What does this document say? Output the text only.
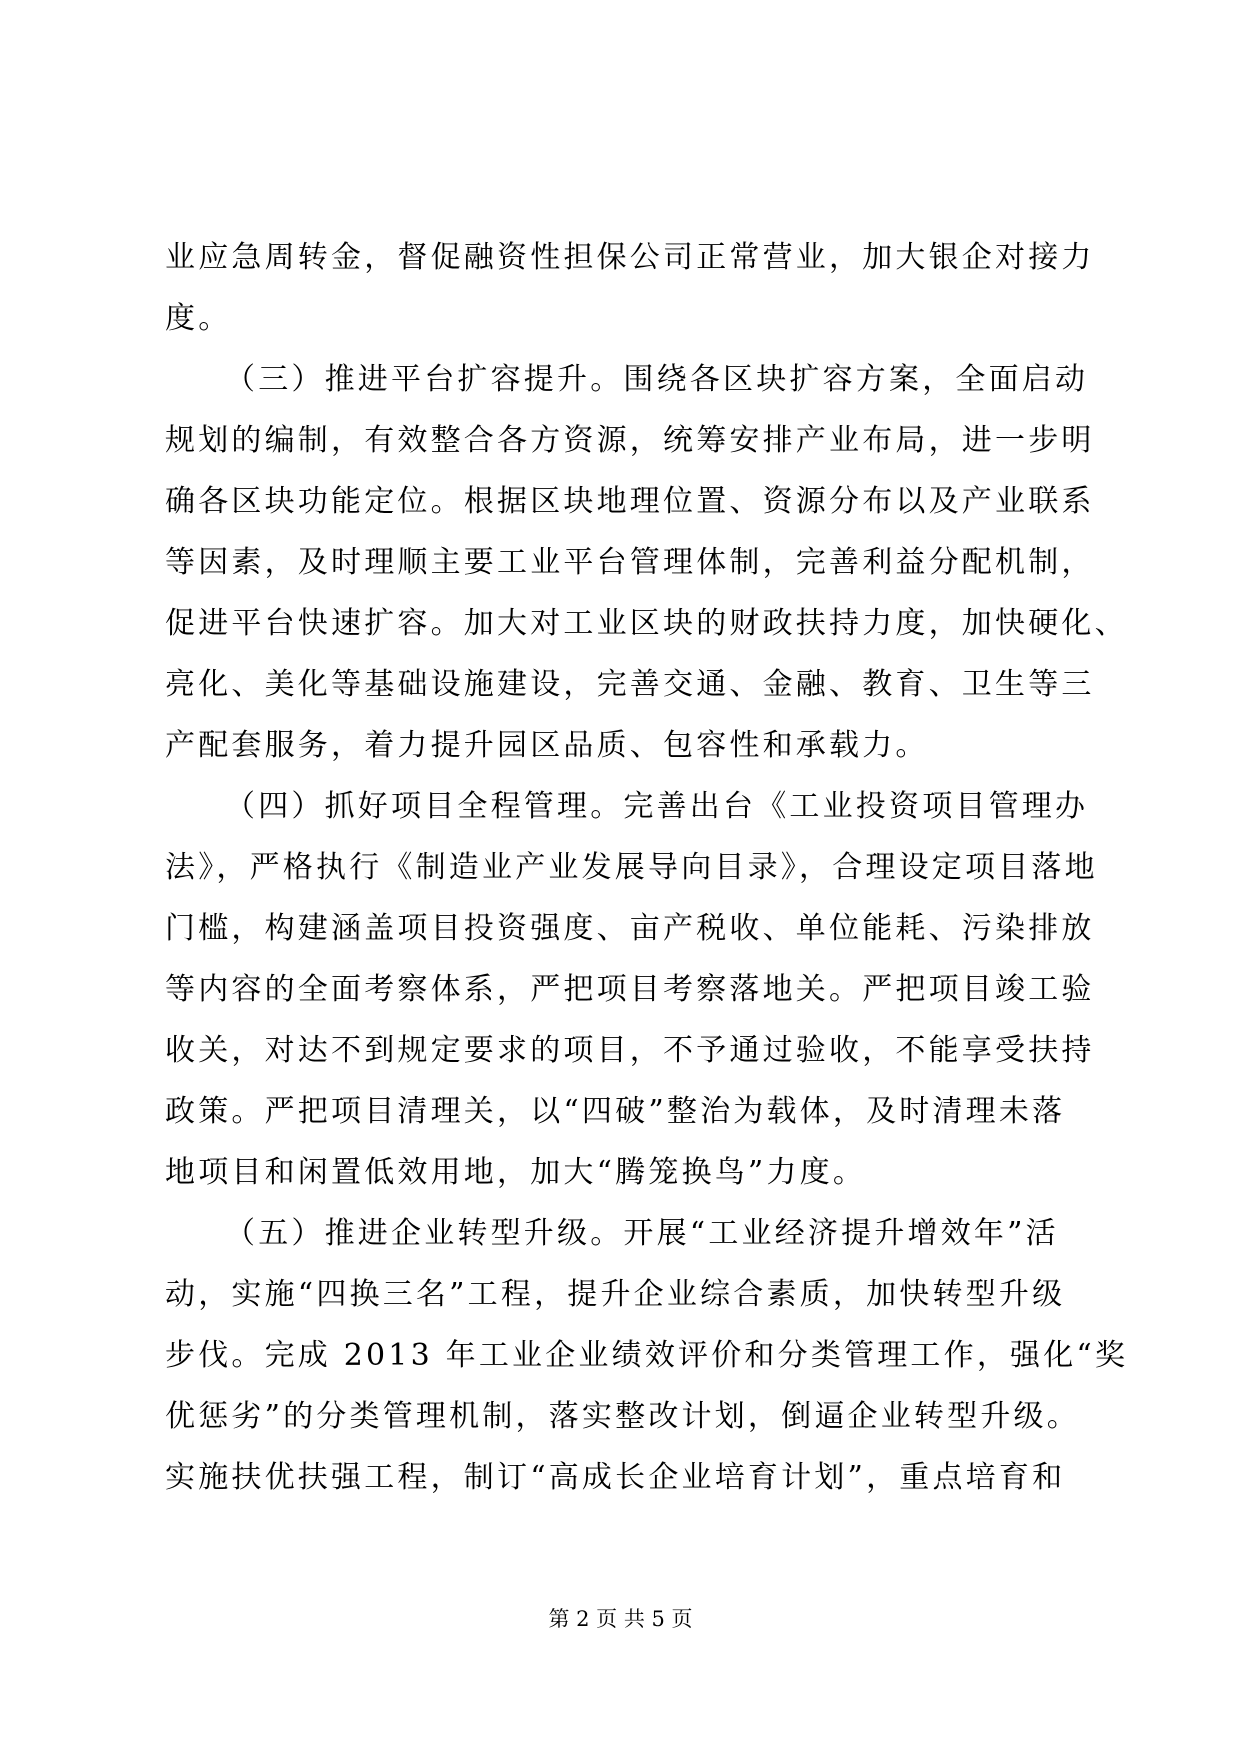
业应急周转金，督促融资性担保公司正常营业，加大银企对接力
度。
（三）推进平台扩容提升。围绕各区块扩容方案，全面启动
规划的编制，有效整合各方资源，统筹安排产业布局，进一步明
确各区块功能定位。根据区块地理位置、资源分布以及产业联系
等因素，及时理顺主要工业平台管理体制，完善利益分配机制，
促进平台快速扩容。加大对工业区块的财政扶持力度，加快硬化、
亮化、美化等基础设施建设，完善交通、金融、教育、卫生等三
产配套服务，着力提升园区品质、包容性和承载力。
（四）抓好项目全程管理。完善出台《工业投资项目管理办
法》，严格执行《制造业产业发展导向目录》，合理设定项目落地
门槛，构建涵盖项目投资强度、亩产税收、单位能耗、污染排放
等内容的全面考察体系，严把项目考察落地关。严把项目竣工验
收关，对达不到规定要求的项目，不予通过验收，不能享受扶持
政策。严把项目清理关，以“四破”整治为载体，及时清理未落
地项目和闲置低效用地，加大“腾笼换鸟”力度。
（五）推进企业转型升级。开展“工业经济提升增效年”活
动，实施“四换三名”工程，提升企业综合素质，加快转型升级
步伐。完成 2013 年工业企业绩效评价和分类管理工作，强化“奖
优惩劣”的分类管理机制，落实整改计划，倒逼企业转型升级。
实施扶优扶强工程，制订“高成长企业培育计划”，重点培育和
第 2 页 共 5 页
